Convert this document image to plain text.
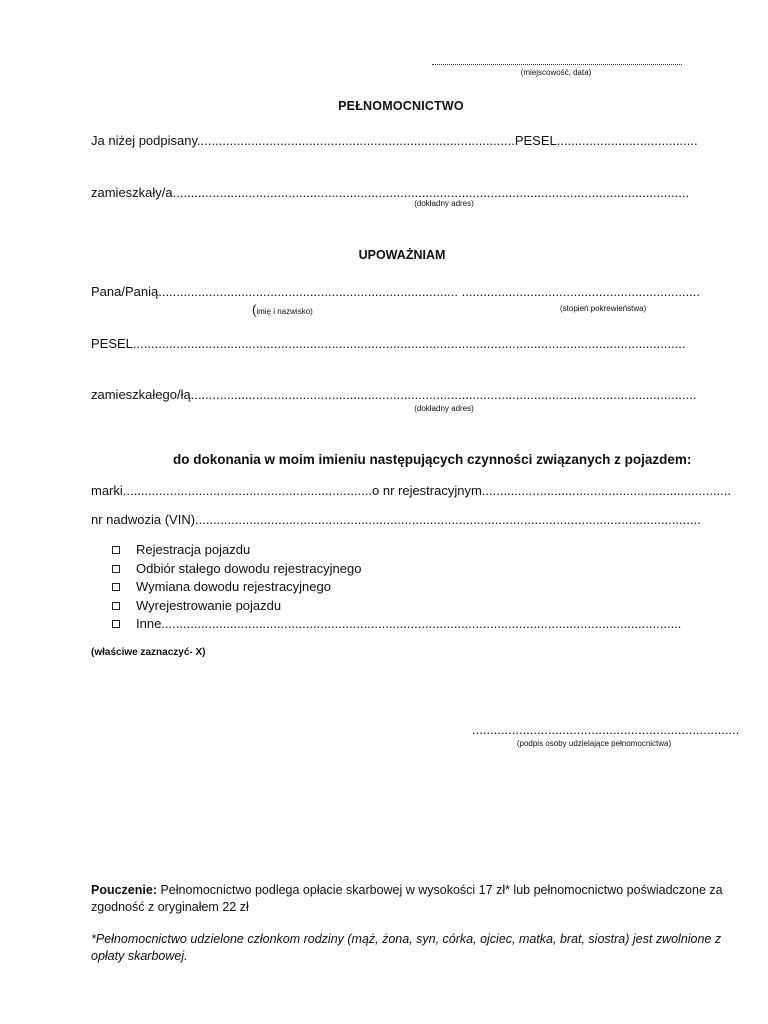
(miejscowość, data)
PEŁNOMOCNICTWO
Ja niżej podpisany........................................................................................PESEL.......................................
zamieszkały/a...............................................................................................................................................
(dokładny adres)
UPOWAŻNIAM
Pana/Panią................................................................................... ..................................................................
(imię i nazwisko)	(stopień pokrewieństwa)
PESEL.........................................................................................................................................................
zamieszkałego/łą............................................................................................................................................
(dokładny adres)
do dokonania w moim imieniu następujących czynności związanych z pojazdem:
marki.....................................................................o nr rejestracyjnym.....................................................................
nr nadwozia (VIN)............................................................................................................................................
Rejestracja pojazdu
Odbiór stałego dowodu rejestracyjnego
Wymiana dowodu rejestracyjnego
Wyrejestrowanie pojazdu
Inne................................................................................................................................................
(właściwe zaznaczyć- X)
..........................................................................
(podpis osoby udzielające pełnomocnictwa)
Pouczenie: Pełnomocnictwo podlega opłacie skarbowej w wysokości 17 zł* lub pełnomocnictwo poświadczone za zgodność z oryginałem 22 zł
*Pełnomocnictwo udzielone członkom rodziny (mąż, żona, syn, córka, ojciec, matka, brat, siostra) jest zwolnione z opłaty skarbowej.
